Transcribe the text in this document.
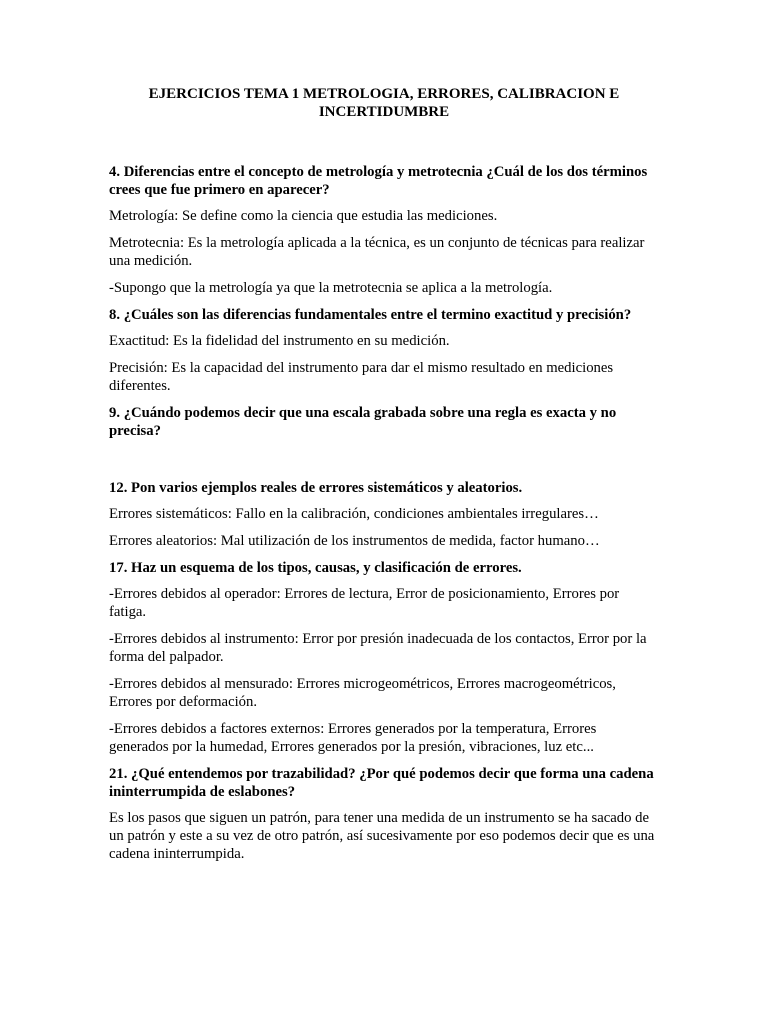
EJERCICIOS TEMA 1 METROLOGIA, ERRORES, CALIBRACION E
INCERTIDUMBRE

4. Diferencias entre el concepto de metrología y metrotecnia ¿Cuál de los dos términos crees que fue primero en aparecer?

Metrología: Se define como la ciencia que estudia las mediciones.

Metrotecnia: Es la metrología aplicada a la técnica, es un conjunto de técnicas para realizar una medición.

-Supongo que la metrología ya que la metrotecnia se aplica a la metrología.

8. ¿Cuáles son las diferencias fundamentales entre el termino exactitud y precisión?

Exactitud: Es la fidelidad del instrumento en su medición.

Precisión: Es la capacidad del instrumento para dar el mismo resultado en mediciones diferentes.

9. ¿Cuándo podemos decir que una escala grabada sobre una regla es exacta y no precisa?

12. Pon varios ejemplos reales de errores sistemáticos y aleatorios.

Errores sistemáticos: Fallo en la calibración, condiciones ambientales irregulares…

Errores aleatorios: Mal utilización de los instrumentos de medida, factor humano…

17. Haz un esquema de los tipos, causas, y clasificación de errores.

-Errores debidos al operador: Errores de lectura, Error de posicionamiento, Errores por fatiga.

-Errores debidos al instrumento: Error por presión inadecuada de los contactos, Error por la forma del palpador.

-Errores debidos al mensurado: Errores microgeométricos, Errores macrogeométricos, Errores por deformación.

-Errores debidos a factores externos: Errores generados por la temperatura, Errores generados por la humedad, Errores generados por la presión, vibraciones, luz etc...

21. ¿Qué entendemos por trazabilidad? ¿Por qué podemos decir que forma una cadena ininterrumpida de eslabones?

Es los pasos que siguen un patrón, para tener una medida de un instrumento se ha sacado de un patrón y este a su vez de otro patrón, así sucesivamente por eso podemos decir que es una cadena ininterrumpida.
